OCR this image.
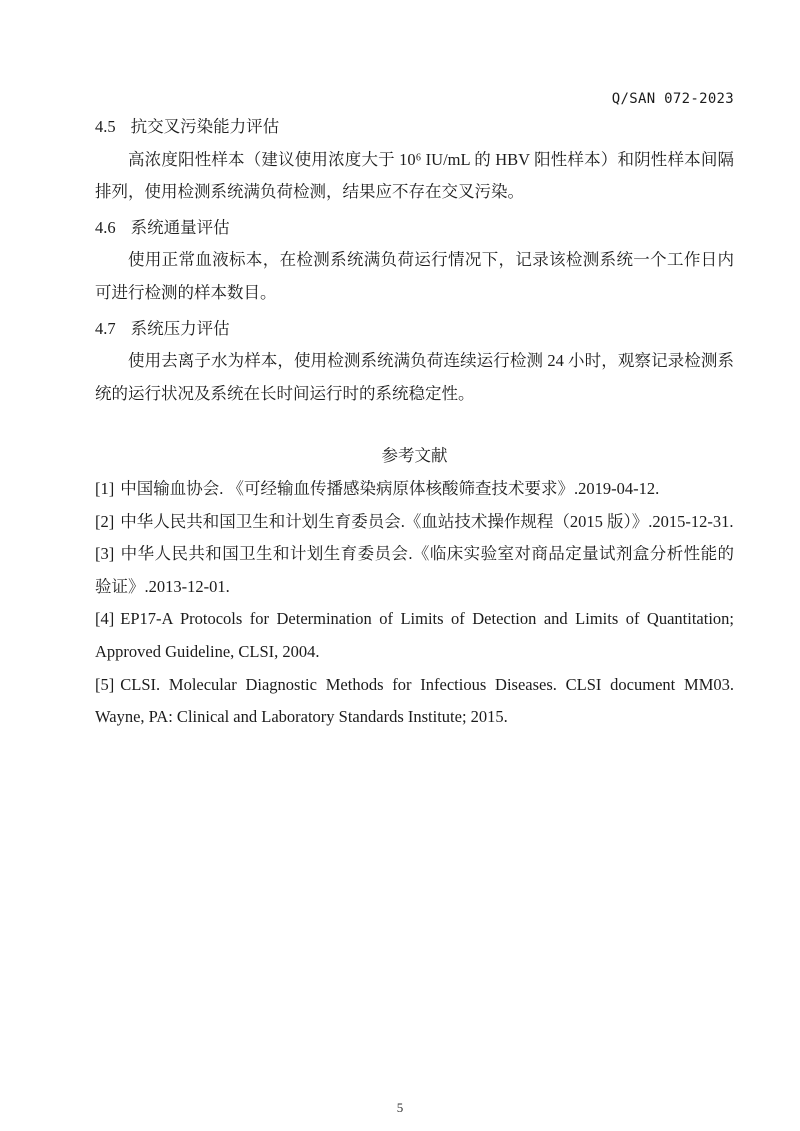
Q/SAN 072-2023
4.5 抗交叉污染能力评估

高浓度阳性样本（建议使用浓度大于 10⁶ IU/mL 的 HBV 阳性样本）和阴性样本间隔排列，使用检测系统满负荷检测，结果应不存在交叉污染。

4.6 系统通量评估

使用正常血液标本，在检测系统满负荷运行情况下，记录该检测系统一个工作日内可进行检测的样本数目。

4.7 系统压力评估

使用去离子水为样本，使用检测系统满负荷连续运行检测 24 小时，观察记录检测系统的运行状况及系统在长时间运行时的系统稳定性。

参考文献

[1] 中国输血协会. 《可经输血传播感染病原体核酸筛查技术要求》.2019-04-12.

[2] 中华人民共和国卫生和计划生育委员会.《血站技术操作规程（2015 版）》.2015-12-31.

[3] 中华人民共和国卫生和计划生育委员会.《临床实验室对商品定量试剂盒分析性能的验证》.2013-12-01.

[4] EP17-A Protocols for Determination of Limits of Detection and Limits of Quantitation; Approved Guideline, CLSI, 2004.

[5] CLSI. Molecular Diagnostic Methods for Infectious Diseases. CLSI document MM03. Wayne, PA: Clinical and Laboratory Standards Institute; 2015.

5
